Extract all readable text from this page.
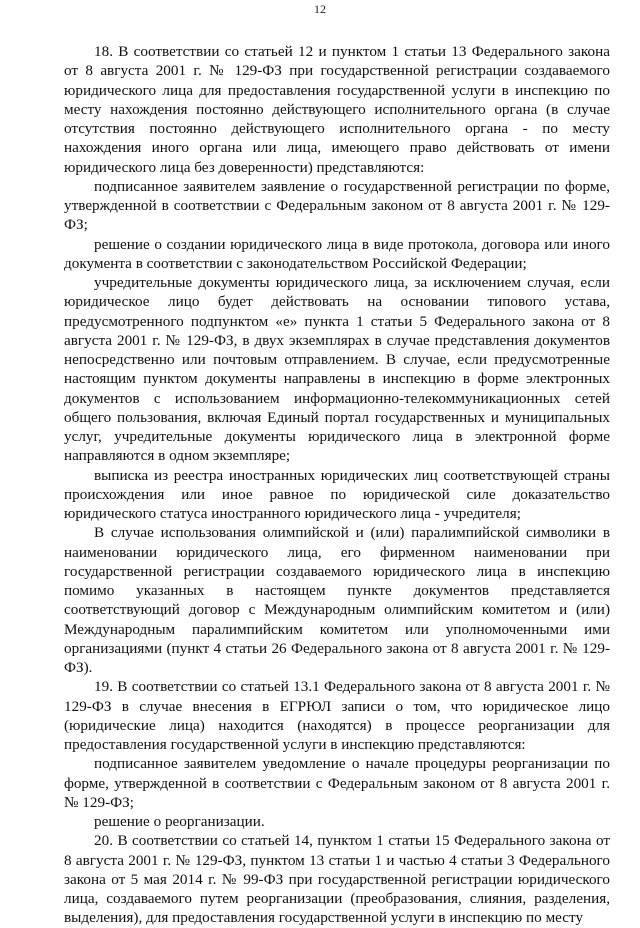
12

18. В соответствии со статьей 12 и пунктом 1 статьи 13 Федерального закона от 8 августа 2001 г. № 129-ФЗ при государственной регистрации создаваемого юридического лица для предоставления государственной услуги в инспекцию по месту нахождения постоянно действующего исполнительного органа (в случае отсутствия постоянно действующего исполнительного органа - по месту нахождения иного органа или лица, имеющего право действовать от имени юридического лица без доверенности) представляются:

подписанное заявителем заявление о государственной регистрации по форме, утвержденной в соответствии с Федеральным законом от 8 августа 2001 г. № 129-ФЗ;

решение о создании юридического лица в виде протокола, договора или иного документа в соответствии с законодательством Российской Федерации;

учредительные документы юридического лица, за исключением случая, если юридическое лицо будет действовать на основании типового устава, предусмотренного подпунктом «е» пункта 1 статьи 5 Федерального закона от 8 августа 2001 г. № 129-ФЗ, в двух экземплярах в случае представления документов непосредственно или почтовым отправлением. В случае, если предусмотренные настоящим пунктом документы направлены в инспекцию в форме электронных документов с использованием информационно-телекоммуникационных сетей общего пользования, включая Единый портал государственных и муниципальных услуг, учредительные документы юридического лица в электронной форме направляются в одном экземпляре;

выписка из реестра иностранных юридических лиц соответствующей страны происхождения или иное равное по юридической силе доказательство юридического статуса иностранного юридического лица - учредителя;

В случае использования олимпийской и (или) паралимпийской символики в наименовании юридического лица, его фирменном наименовании при государственной регистрации создаваемого юридического лица в инспекцию помимо указанных в настоящем пункте документов представляется соответствующий договор с Международным олимпийским комитетом и (или) Международным паралимпийским комитетом или уполномоченными ими организациями (пункт 4 статьи 26 Федерального закона от 8 августа 2001 г. № 129-ФЗ).

19. В соответствии со статьей 13.1 Федерального закона от 8 августа 2001 г. № 129-ФЗ в случае внесения в ЕГРЮЛ записи о том, что юридическое лицо (юридические лица) находится (находятся) в процессе реорганизации для предоставления государственной услуги в инспекцию представляются:

подписанное заявителем уведомление о начале процедуры реорганизации по форме, утвержденной в соответствии с Федеральным законом от 8 августа 2001 г. № 129-ФЗ;

решение о реорганизации.

20. В соответствии со статьей 14, пунктом 1 статьи 15 Федерального закона от 8 августа 2001 г. № 129-ФЗ, пунктом 13 статьи 1 и частью 4 статьи 3 Федерального закона от 5 мая 2014 г. № 99-ФЗ при государственной регистрации юридического лица, создаваемого путем реорганизации (преобразования, слияния, разделения, выделения), для предоставления государственной услуги в инспекцию по месту
